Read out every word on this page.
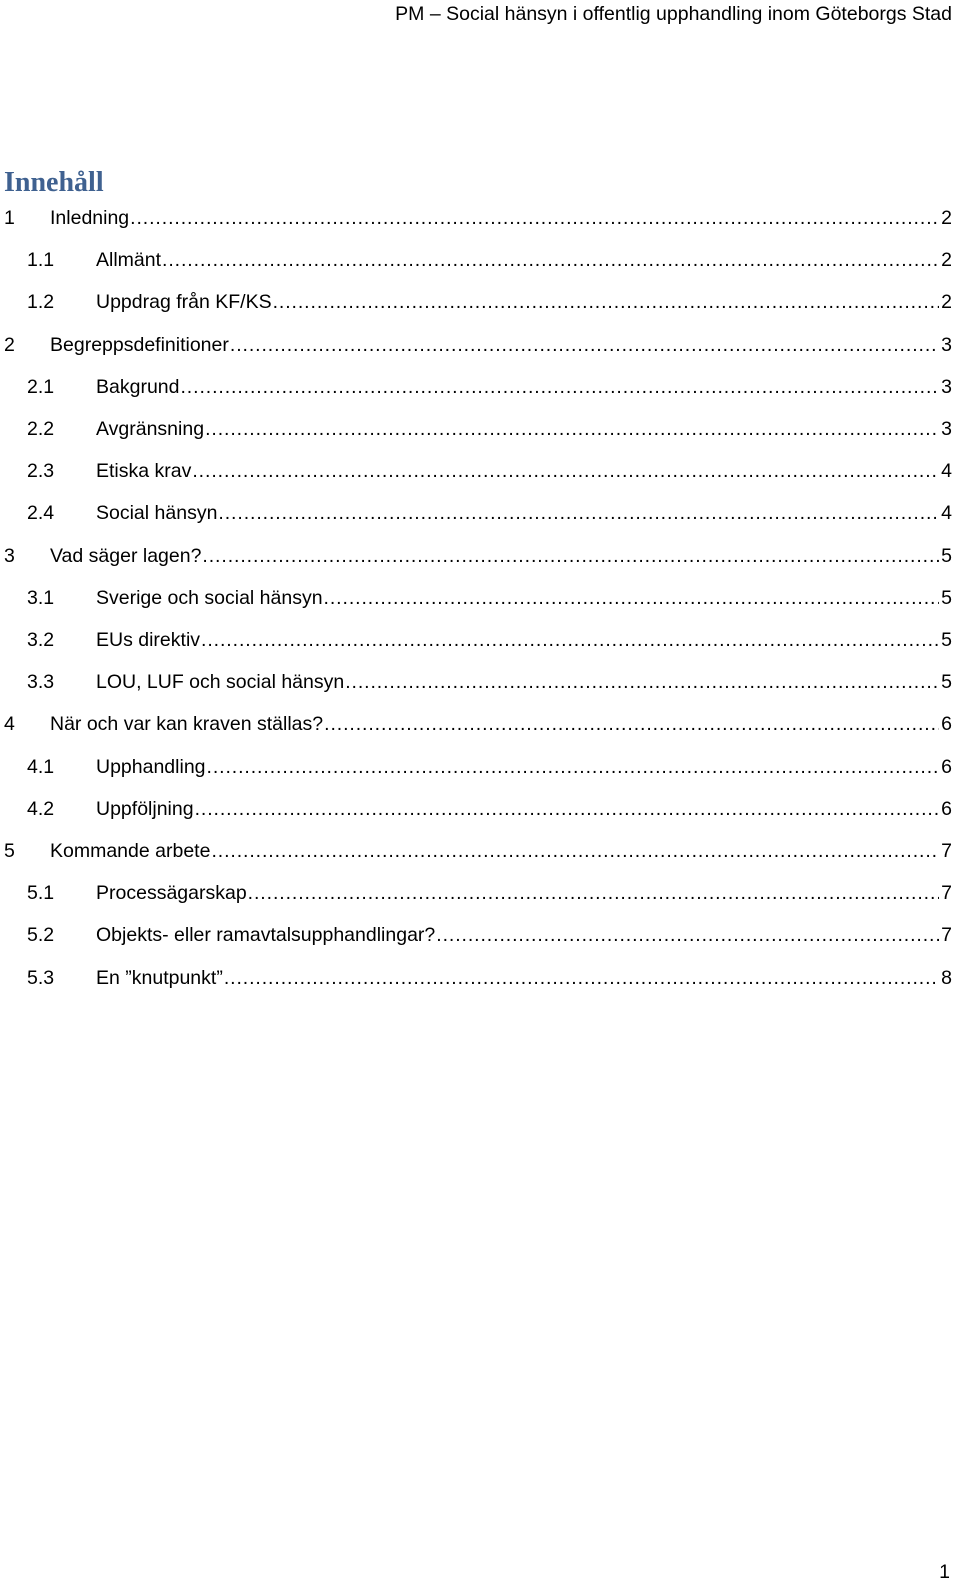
PM – Social hänsyn i offentlig upphandling inom Göteborgs Stad
Innehåll
1 Inledning .....	2
1.1 Allmänt .....	2
1.2 Uppdrag från KF/KS .....	2
2 Begreppsdefinitioner .....	3
2.1 Bakgrund .....	3
2.2 Avgränsning .....	3
2.3 Etiska krav .....	4
2.4 Social hänsyn .....	4
3 Vad säger lagen? .....	5
3.1 Sverige och social hänsyn .....	5
3.2 EUs direktiv .....	5
3.3 LOU, LUF och social hänsyn .....	5
4 När och var kan kraven ställas? .....	6
4.1 Upphandling .....	6
4.2 Uppföljning .....	6
5 Kommande arbete .....	7
5.1 Processägarskap .....	7
5.2 Objekts- eller ramavtalsupphandlingar? .....	7
5.3 En ”knutpunkt” .....	8
1
